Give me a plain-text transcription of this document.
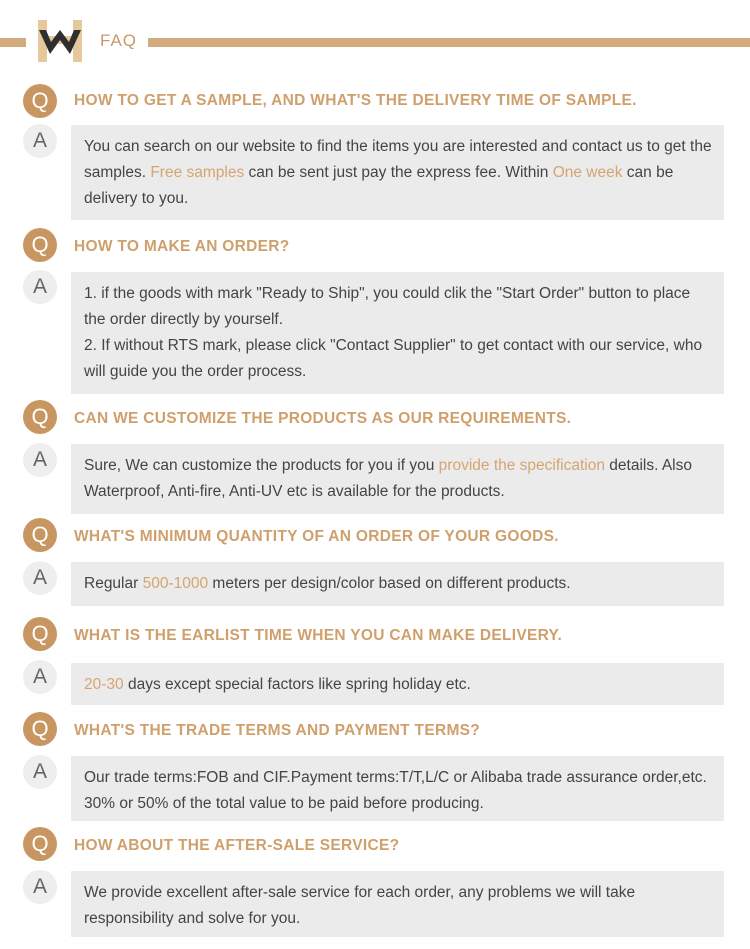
FAQ
Q	HOW TO GET A SAMPLE, AND WHAT'S THE DELIVERY TIME OF SAMPLE.
A	You can search on our website to find the items you are interested and contact us to get the samples. Free samples can be sent just pay the express fee. Within One week can be delivery to you.

Q	HOW TO MAKE AN ORDER?
A	1. if the goods with mark "Ready to Ship", you could clik the "Start Order" button to place the order directly by yourself.

2. If without RTS mark, please click "Contact Supplier" to get contact with our service, who will guide you the order process.

Q	CAN WE CUSTOMIZE THE PRODUCTS AS OUR REQUIREMENTS.
A	Sure, We can customize the products for you if you provide the specification details. Also Waterproof, Anti-fire, Anti-UV etc is available for the products.

Q	WHAT'S MINIMUM QUANTITY OF AN ORDER OF YOUR GOODS.
A	Regular 500-1000 meters per design/color based on different products.

Q	WHAT IS THE EARLIST TIME WHEN YOU CAN MAKE DELIVERY.
A	20-30 days except special factors like spring holiday etc.

Q	WHAT'S THE TRADE TERMS AND PAYMENT TERMS?
A	Our trade terms:FOB and CIF.Payment terms:T/T,L/C or Alibaba trade assurance order,etc. 30% or 50% of the total value to be paid before producing.

Q	HOW ABOUT THE AFTER-SALE SERVICE?
A	We provide excellent after-sale service for each order, any problems we will take responsibility and solve for you.
